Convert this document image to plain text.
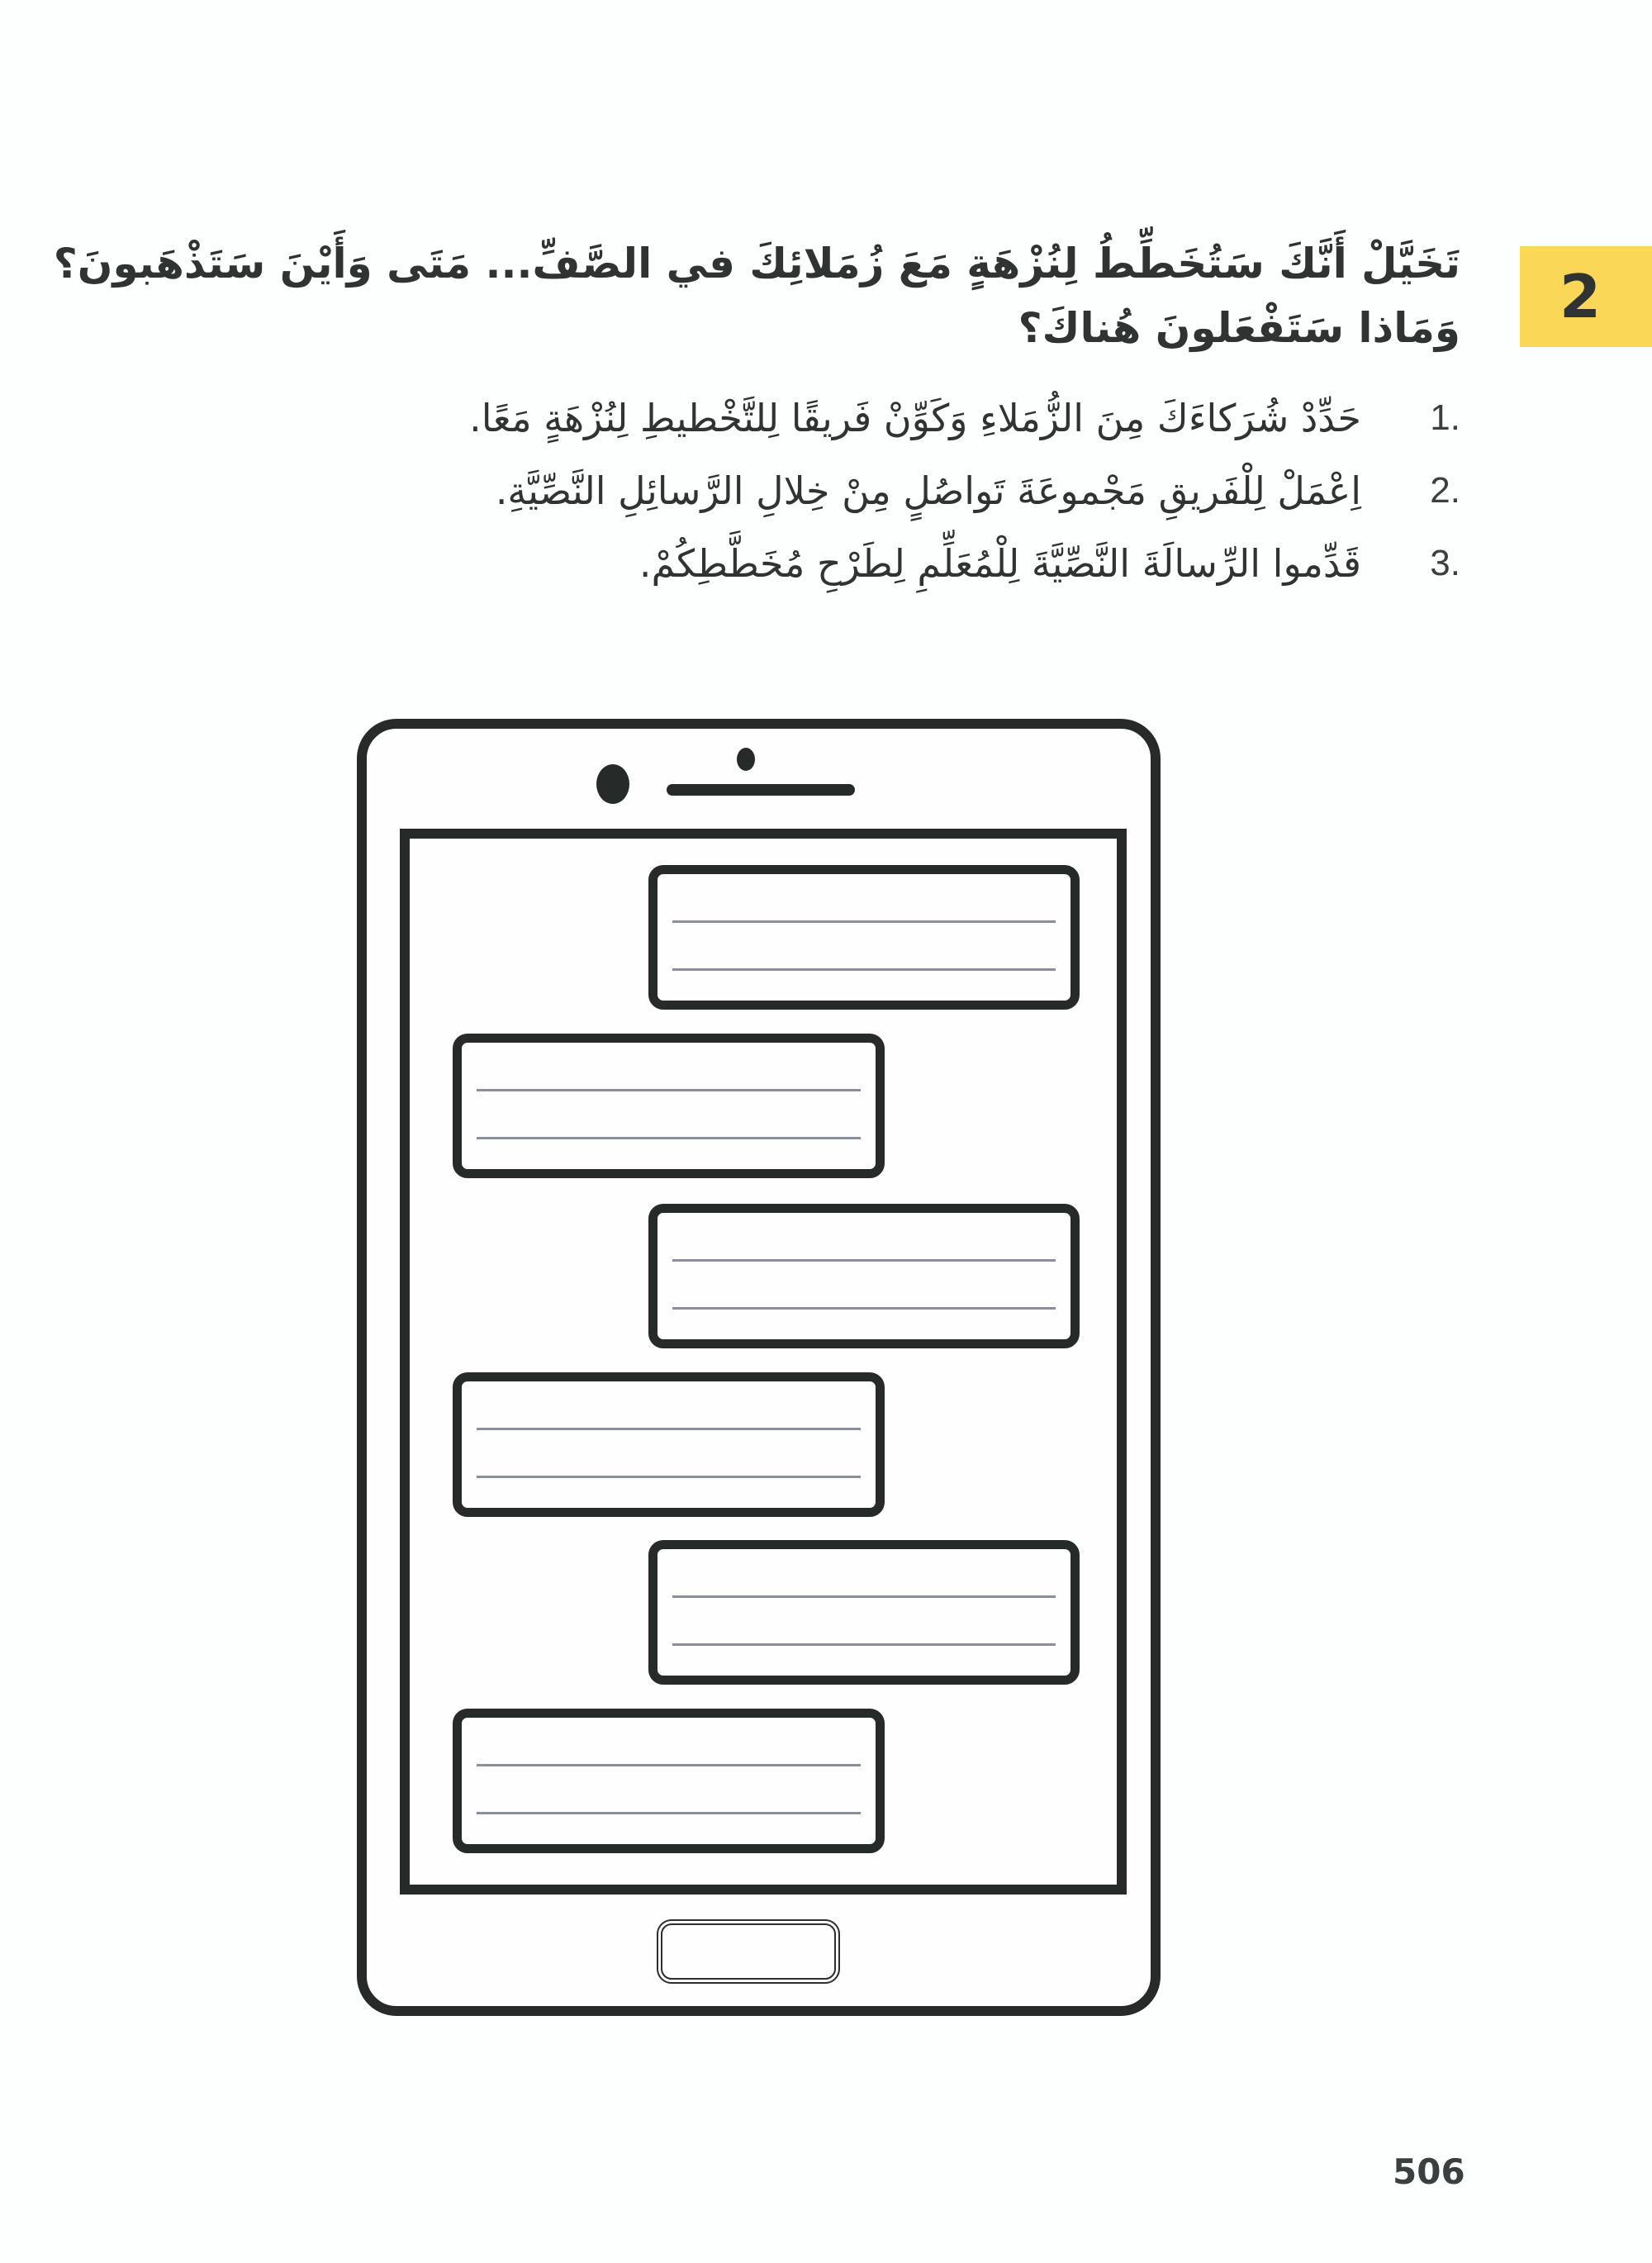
2
تَخَيَّلْ أَنَّكَ سَتُخَطِّطُ لِنُزْهَةٍ مَعَ زُمَلائِكَ في الصَّفِّ... مَتَى وَأَيْنَ سَتَذْهَبونَ؟
وَمَاذا سَتَفْعَلونَ هُناكَ؟
1.
حَدِّدْ شُرَكاءَكَ مِنَ الزُّمَلاءِ وَكَوِّنْ فَريقًا لِلتَّخْطيطِ لِنُزْهَةٍ مَعًا.
2.
اِعْمَلْ لِلْفَريقِ مَجْموعَةَ تَواصُلٍ مِنْ خِلالِ الرَّسائِلِ النَّصِّيَّةِ.
3.
قَدِّموا الرِّسالَةَ النَّصِّيَّةَ لِلْمُعَلِّمِ لِطَرْحِ مُخَطَّطِكُمْ.
506
